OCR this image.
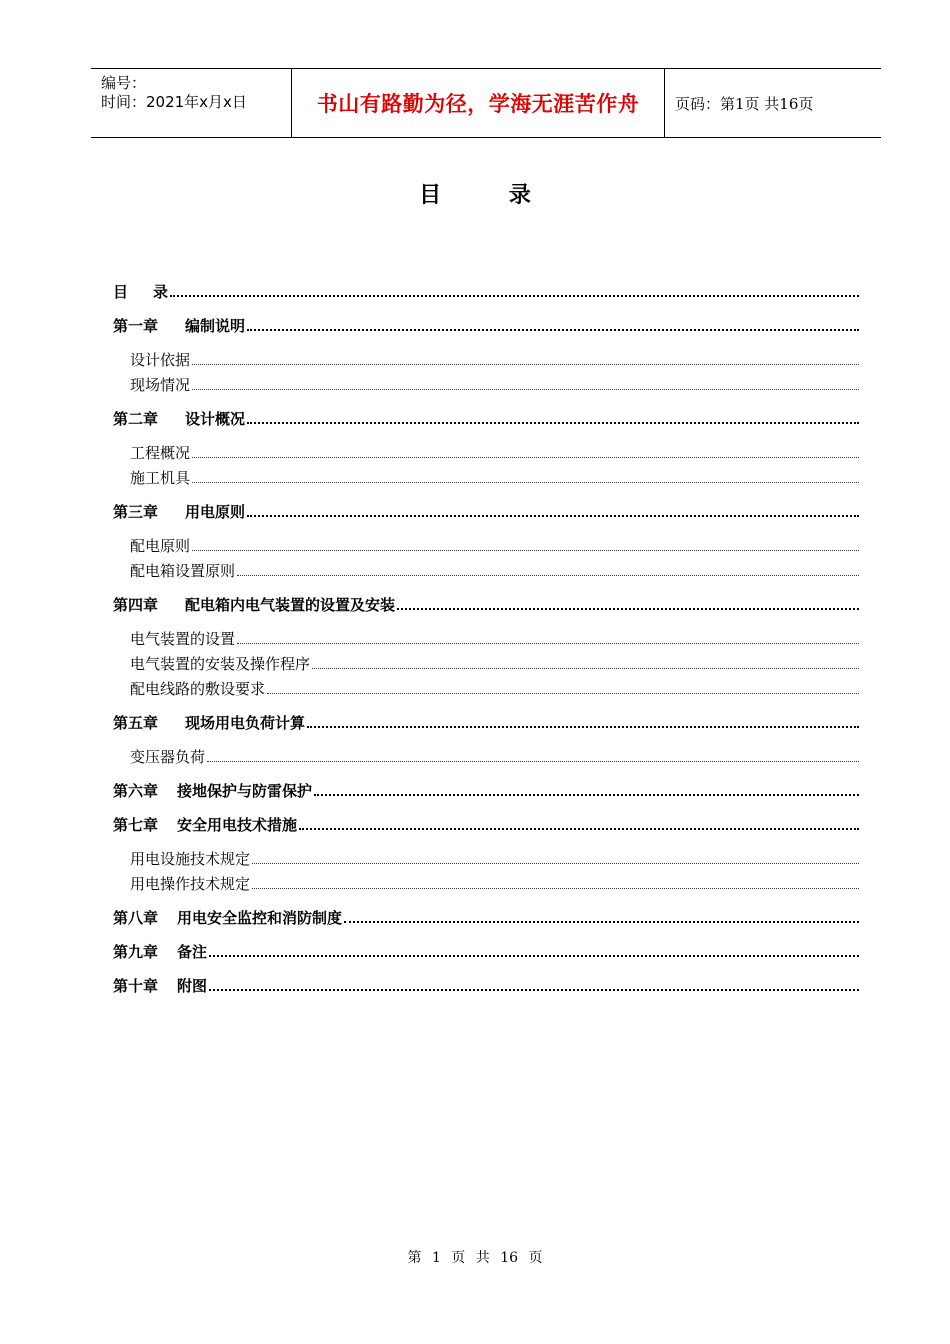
编号：
时间：2021年x月x日	书山有路勤为径，学海无涯苦作舟 页码：第1页 共16页
目 录
目 录
第一章 编制说明
设计依据
现场情况
第二章 设计概况
工程概况
施工机具
第三章 用电原则
配电原则
配电箱设置原则
第四章 配电箱内电气装置的设置及安装
电气装置的设置
电气装置的安装及操作程序
配电线路的敷设要求
第五章 现场用电负荷计算
变压器负荷
第六章 接地保护与防雷保护
第七章 安全用电技术措施
用电设施技术规定
用电操作技术规定
第八章 用电安全监控和消防制度
第九章 备注
第十章 附图
第 1 页 共 16 页
